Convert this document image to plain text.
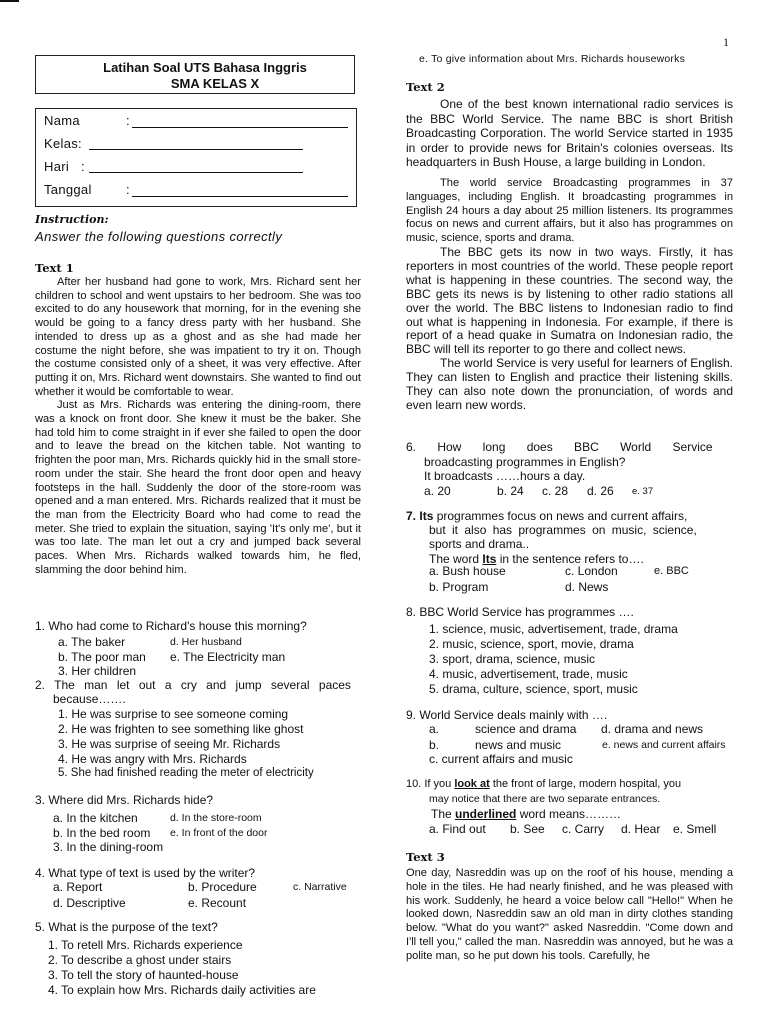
1
Latihan Soal UTS Bahasa Inggris
SMA KELAS X
Nama	:
Kelas:
Hari :
Tanggal	:
Instruction:
Answer the following questions correctly
Text 1

After her husband had gone to work, Mrs. Richard sent her children to school and went upstairs to her bedroom. She was too excited to do any housework that morning, for in the evening she would be going to a fancy dress party with her husband. She intended to dress up as a ghost and as she had made her costume the night before, she was impatient to try it on. Though the costume consisted only of a sheet, it was very effective. After putting it on, Mrs. Richard went downstairs. She wanted to find out whether it would be comfortable to wear.

Just as Mrs. Richards was entering the dining-room, there was a knock on front door. She knew it must be the baker. She had told him to come straight in if ever she failed to open the door and to leave the bread on the kitchen table. Not wanting to frighten the poor man, Mrs. Richards quickly hid in the small store-room under the stair. She heard the front door open and heavy footsteps in the hall. Suddenly the door of the store-room was opened and a man entered. Mrs. Richards realized that it must be the man from the Electricity Board who had come to read the meter. She tried to explain the situation, saying 'It's only me', but it was too late. The man let out a cry and jumped back several paces. When Mrs. Richards walked towards him, he fled, slamming the door behind him.

1. Who had come to Richard's house this morning?
a. The baker	d. Her husband
b. The poor man e. The Electricity man
3. Her children
2. The man let out a cry and jump several paces
because…….
1. He was surprise to see someone coming
2. He was frighten to see something like ghost
3. He was surprise of seeing Mr. Richards
4. He was angry with Mrs. Richards
5. She had finished reading the meter of electricity
3. Where did Mrs. Richards hide?
a. In the kitchen	d. In the store-room
b. In the bed room e. In front of the door
3. In the dining-room
4. What type of text is used by the writer?
a. Report	b. Procedure	c. Narrative
d. Descriptive	e. Recount
5. What is the purpose of the text?
1. To retell Mrs. Richards experience
2. To describe a ghost under stairs
3. To tell the story of haunted-house
4. To explain how Mrs. Richards daily activities are
e. To give information about Mrs. Richards houseworks
Text 2

One of the best known international radio services is the BBC World Service. The name BBC is short British Broadcasting Corporation. The world Service started in 1935 in order to provide news for Britain's colonies overseas. Its headquarters in Bush House, a large building in London.

The world service Broadcasting programmes in 37 languages, including English. It broadcasting programmes in English 24 hours a day about 25 million listeners. Its programmes focus on news and current affairs, but it also has programmes on music, science, sports and drama.

The BBC gets its now in two ways. Firstly, it has reporters in most countries of the world. These people report what is happening in these countries. The second way, the BBC gets its news is by listening to other radio stations all over the world. The BBC listens to Indonesian radio to find out what is happening in Indonesia. For example, if there is report of a head quake in Sumatra on Indonesian radio, the BBC will tell its reporter to go there and collect news.

The world Service is very useful for learners of English. They can listen to English and practice their listening skills. They can also note down the pronunciation, of words and even learn new words.

6. How long does BBC World Service
broadcasting programmes in English?
It broadcasts ……hours a day.
a. 20	b. 24 c. 28 d. 26 e. 37
7. Its programmes focus on news and current affairs,
but it also has programmes on music, science,
sports and drama..
The word Its in the sentence refers to….
a. Bush house	c. London	e. BBC
b. Program	d. News
8. BBC World Service has programmes ….
1. science, music, advertisement, trade, drama
2. music, science, sport, movie, drama
3. sport, drama, science, music
4. music, advertisement, trade, music
5. drama, culture, science, sport, music
9. World Service deals mainly with ….
a.	science and drama d. drama and news
b.	news and music	e. news and current affairs
c. current affairs and music
10. If you look at the front of large, modern hospital, you
may notice that there are two separate entrances.
The underlined word means………
a. Find out b. See c. Carry d. Hear e. Smell
Text 3

One day, Nasreddin was up on the roof of his house, mending a hole in the tiles. He had nearly finished, and he was pleased with his work. Suddenly, he heard a voice below call "Hello!" When he looked down, Nasreddin saw an old man in dirty clothes standing below. "What do you want?" asked Nasreddin. "Come down and I'll tell you," called the man. Nasreddin was annoyed, but he was a polite man, so he put down his tools. Carefully, he
